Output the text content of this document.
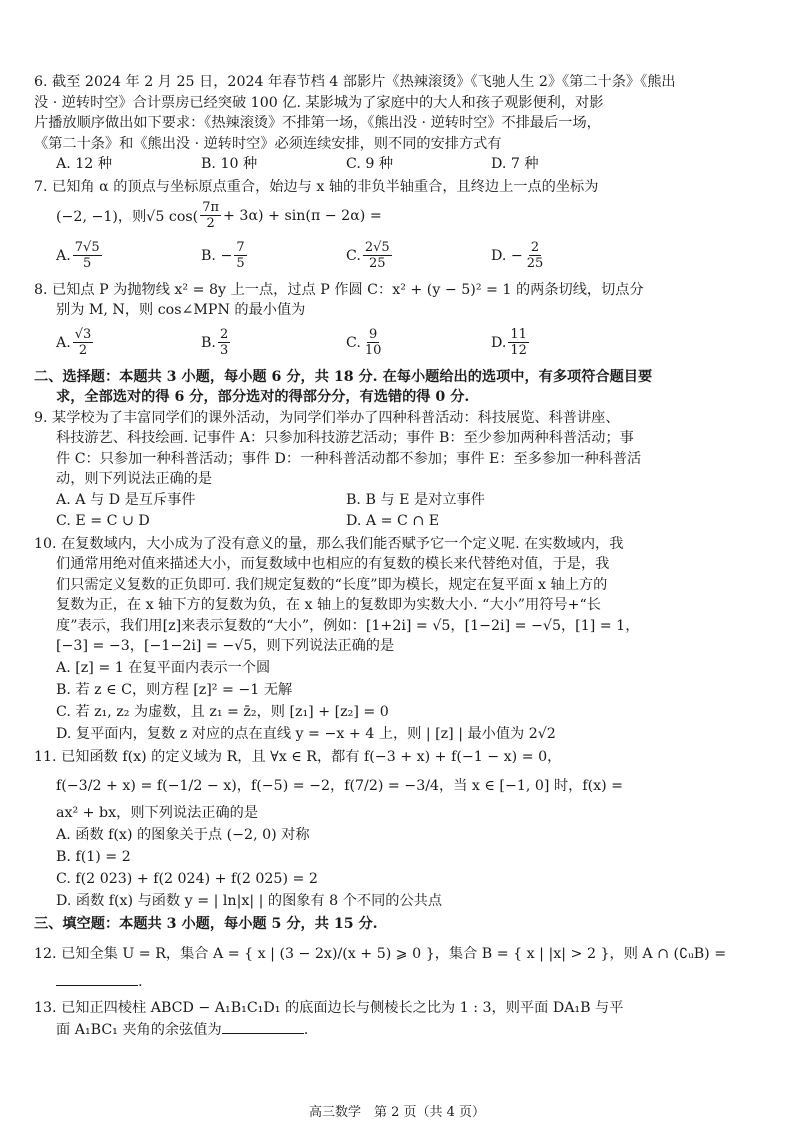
6. 截至 2024 年 2 月 25 日，2024 年春节档 4 部影片《热辣滚烫》《飞驰人生 2》《第二十条》《熊出
没 · 逆转时空》合计票房已经突破 100 亿. 某影城为了家庭中的大人和孩子观影便利，对影
片播放顺序做出如下要求：《热辣滚烫》不排第一场，《熊出没 · 逆转时空》不排最后一场，
《第二十条》和《熊出没 · 逆转时空》必须连续安排，则不同的安排方式有
A. 12 种	B. 10 种	C. 9 种	D. 7 种
7. 已知角 α 的顶点与坐标原点重合，始边与 x 轴的非负半轴重合，且终边上一点的坐标为
(−2, −1)，则√5 $\cos( \frac{7\pi}{2} + 3\alpha) + \sin(\pi - 2\alpha)$ =
A. $\frac{7√5}{5}$	B. − $\frac{7}{5}$	C. $\frac{2√5}{25}$	D. − $\frac{2}{25}$
8. 已知点 P 为抛物线 x² = 8y 上一点，过点 P 作圆 C：x² + (y − 5)² = 1 的两条切线，切点分
别为 M, N，则 cos∠MPN 的最小值为
A. $\frac{√3}{2}$	B. $\frac{2}{3}$	C. $\frac{9}{10}$	D. $\frac{11}{12}$
二、选择题：本题共 3 小题，每小题 6 分，共 18 分. 在每小题给出的选项中，有多项符合题目要
求，全部选对的得 6 分，部分选对的得部分分，有选错的得 0 分.
9. 某学校为了丰富同学们的课外活动，为同学们举办了四种科普活动：科技展览、科普讲座、
科技游艺、科技绘画. 记事件 A：只参加科技游艺活动；事件 B：至少参加两种科普活动；事
件 C：只参加一种科普活动；事件 D：一种科普活动都不参加；事件 E：至多参加一种科普活
动，则下列说法正确的是
A. A 与 D 是互斥事件	B. B 与 E 是对立事件
C. E = C ∪ D	D. A = C ∩ E
10. 在复数域内，大小成为了没有意义的量，那么我们能否赋予它一个定义呢. 在实数域内，我
们通常用绝对值来描述大小，而复数域中也相应的有复数的模长来代替绝对值，于是，我
们只需定义复数的正负即可. 我们规定复数的“长度”即为模长，规定在复平面 x 轴上方的
复数为正，在 x 轴下方的复数为负，在 x 轴上的复数即为实数大小. “大小”用符号+“长
度”表示，我们用[z]来表示复数的“大小”，例如：[1+2i] = √5，[1−2i] = −√5，[1] = 1，
[−3] = −3，[−1−2i] = −√5，则下列说法正确的是
A. [z] = 1 在复平面内表示一个圆
B. 若 z ∈ C，则方程 [z]² = −1 无解
C. 若 z₁, z₂ 为虚数，且 z₁ = z̄₂，则 [z₁] + [z₂] = 0
D. 复平面内，复数 z 对应的点在直线 y = −x + 4 上，则 | [z] | 最小值为 2√2
11. 已知函数 f(x) 的定义域为 R，且 ∀x ∈ R，都有 f(−3 + x) + f(−1 − x) = 0，
f(−3/2 + x) = f(−1/2 − x)，f(−5) = −2，f(7/2) = −3/4，当 x ∈ [−1, 0] 时，f(x) =
ax² + bx，则下列说法正确的是
A. 函数 f(x) 的图象关于点 (−2, 0) 对称
B. f(1) = 2
C. f(2 023) + f(2 024) + f(2 025) = 2
D. 函数 f(x) 与函数 y = | ln|x| | 的图象有 8 个不同的公共点
三、填空题：本题共 3 小题，每小题 5 分，共 15 分.
12. 已知全集 U = R，集合 A = { x | (3 − 2x)/(x + 5) ⩾ 0 }，集合 B = { x | |x| > 2 }，则 A ∩ (∁ᵤB) =
.
13. 已知正四棱柱 ABCD − A₁B₁C₁D₁ 的底面边长与侧棱长之比为 1 : 3，则平面 DA₁B 与平
面 A₁BC₁ 夹角的余弦值为	.
高三数学　第 2 页（共 4 页）
